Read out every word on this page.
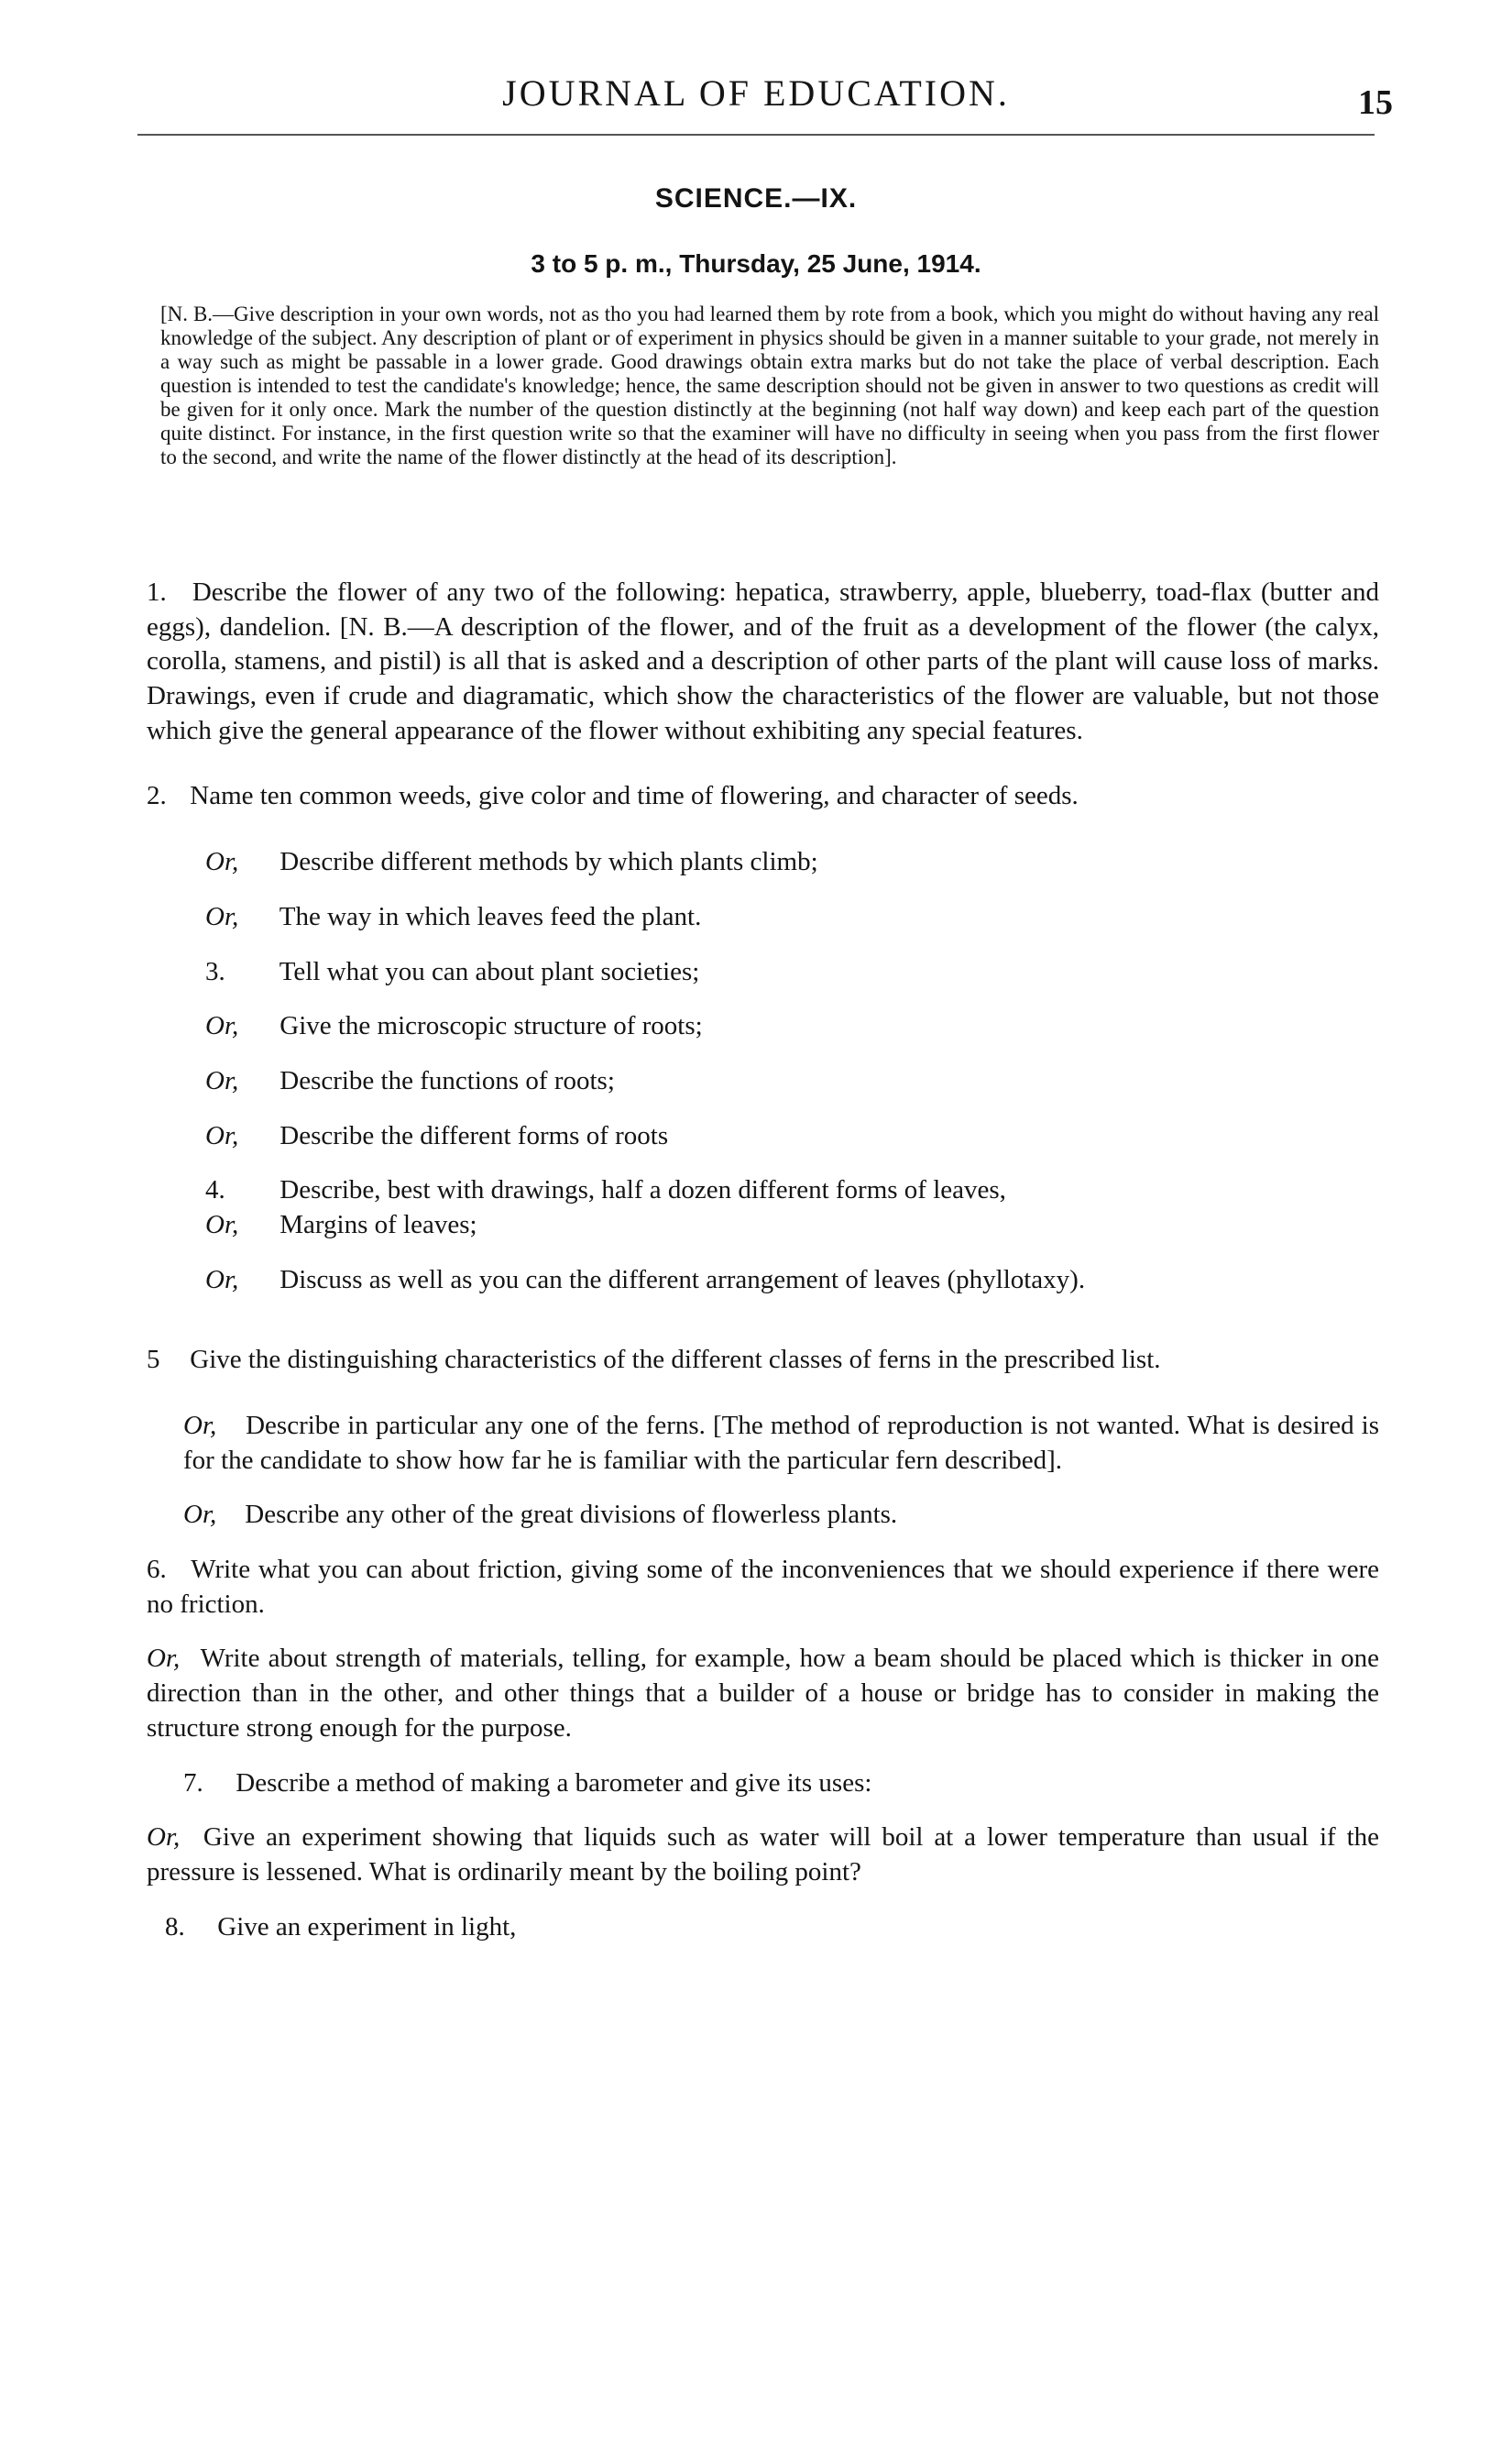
JOURNAL OF EDUCATION.	15
SCIENCE.—IX.
3 to 5 p. m., Thursday, 25 June, 1914.
[N. B.—Give description in your own words, not as tho you had learned them by rote from a book, which you might do without having any real knowledge of the subject. Any description of plant or of experiment in physics should be given in a manner suitable to your grade, not merely in a way such as might be passable in a lower grade. Good drawings obtain extra marks but do not take the place of verbal description. Each question is intended to test the candidate's knowledge; hence, the same description should not be given in answer to two questions as credit will be given for it only once. Mark the number of the question distinctly at the beginning (not half way down) and keep each part of the question quite distinct. For instance, in the first question write so that the examiner will have no difficulty in seeing when you pass from the first flower to the second, and write the name of the flower distinctly at the head of its description].

1. Describe the flower of any two of the following: hepatica, strawberry, apple, blueberry, toad-flax (butter and eggs), dandelion. [N. B.—A description of the flower, and of the fruit as a development of the flower (the calyx, corolla, stamens, and pistil) is all that is asked and a description of other parts of the plant will cause loss of marks. Drawings, even if crude and diagramatic, which show the characteristics of the flower are valuable, but not those which give the general appearance of the flower without exhibiting any special features.

2. Name ten common weeds, give color and time of flowering, and character of seeds.

Or, Describe different methods by which plants climb;

Or, The way in which leaves feed the plant.

3. Tell what you can about plant societies;

Or, Give the microscopic structure of roots;

Or, Describe the functions of roots;

Or, Describe the different forms of roots

4. Describe, best with drawings, half a dozen different forms of leaves,

Or, Margins of leaves;

Or, Discuss as well as you can the different arrangement of leaves (phyllotaxy).

5 Give the distinguishing characteristics of the different classes of ferns in the prescribed list.

Or, Describe in particular any one of the ferns. [The method of reproduction is not wanted. What is desired is for the candidate to show how far he is familiar with the particular fern described].

Or, Describe any other of the great divisions of flowerless plants.

6. Write what you can about friction, giving some of the inconveniences that we should experience if there were no friction.

Or, Write about strength of materials, telling, for example, how a beam should be placed which is thicker in one direction than in the other, and other things that a builder of a house or bridge has to consider in making the structure strong enough for the purpose.

7. Describe a method of making a barometer and give its uses:

Or, Give an experiment showing that liquids such as water will boil at a lower temperature than usual if the pressure is lessened. What is ordinarily meant by the boiling point?

8. Give an experiment in light,
